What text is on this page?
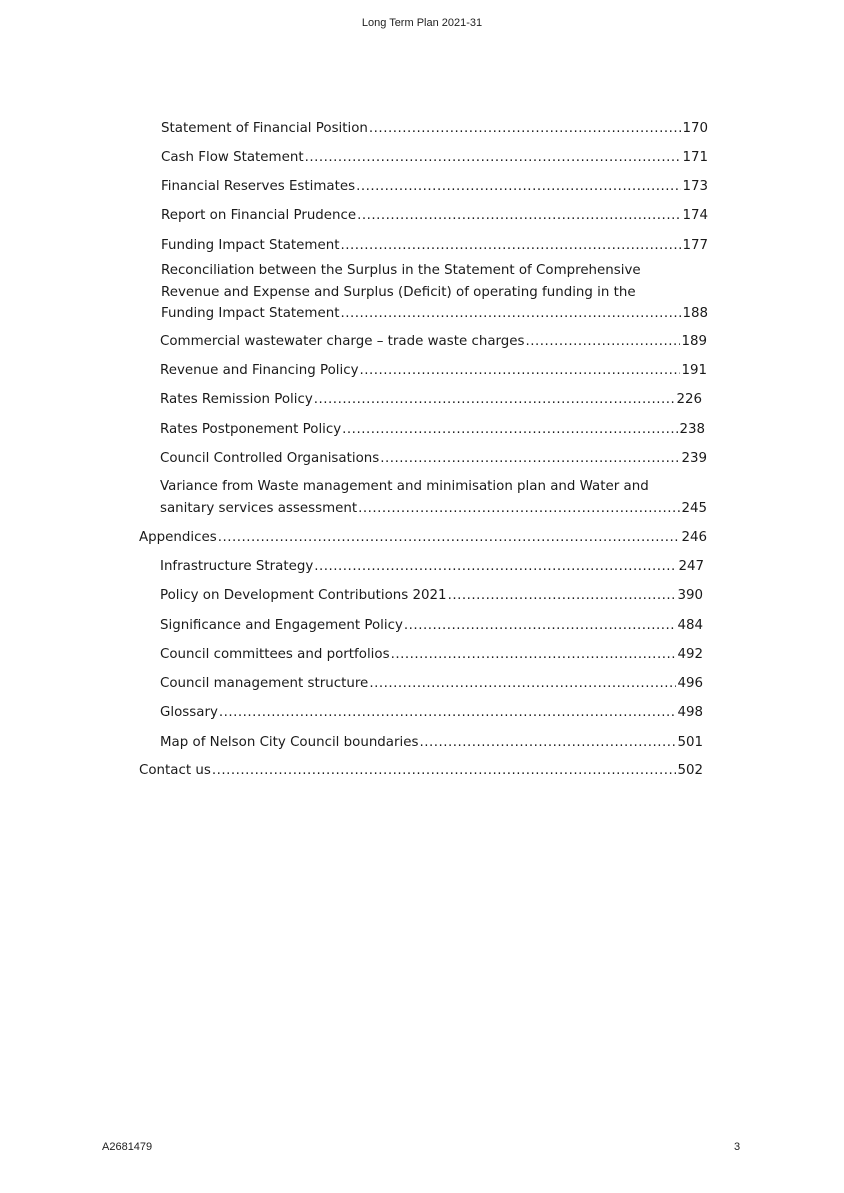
Long Term Plan 2021-31
Statement of Financial Position .....	170
Cash Flow Statement .....	171
Financial Reserves Estimates .....	173
Report on Financial Prudence .....	174
Funding Impact Statement .....	177
Reconciliation between the Surplus in the Statement of Comprehensive
Revenue and Expense and Surplus (Deficit) of operating funding in the
Funding Impact Statement .....	188
Commercial wastewater charge – trade waste charges .....	189
Revenue and Financing Policy .....	191
Rates Remission Policy .....	226
Rates Postponement Policy .....	238
Council Controlled Organisations .....	239
Variance from Waste management and minimisation plan and Water and
sanitary services assessment .....	245
Appendices .....	246
Infrastructure Strategy .....	247
Policy on Development Contributions 2021 .....	390
Significance and Engagement Policy .....	484
Council committees and portfolios .....	492
Council management structure .....	496
Glossary .....	498
Map of Nelson City Council boundaries .....	501
Contact us .....	502
A2681479	3
